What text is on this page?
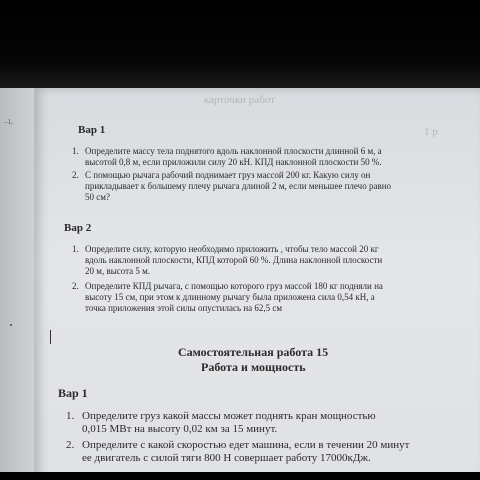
–1,
карточки работ
1 р
Вар 1
1. Определите массу тела поднятого вдоль наклонной плоскости длинной 6 м, а
высотой 0,8 м, если приложили силу 20 кН. КПД наклонной плоскости 50 %.
2. С помощью рычага рабочий поднимает груз массой 200 кг. Какую силу он
прикладывает к большему плечу рычага длиной 2 м, если меньшее плечо равно
50 см?
Вар 2
1. Определите силу, которую необходимо приложить , чтобы тело массой 20 кг
вдоль наклонной плоскости, КПД которой 60 %. Длина наклонной плоскости
20 м, высота 5 м.
2. Определите КПД рычага, с помощью которого груз массой 180 кг подняли на
высоту 15 см, при этом к длинному рычагу была приложена сила 0,54 кН, а
точка приложения этой силы опустилась на 62,5 см
Самостоятельная работа 15
Работа и мощность
Вар 1
1. Определите груз какой массы может поднять кран мощностью
0,015 МВт на высоту 0,02 км за 15 минут.
2. Определите с какой скоростью едет машина, если в течении 20 минут
ее двигатель с силой тяги 800 Н совершает работу 17000кДж.
